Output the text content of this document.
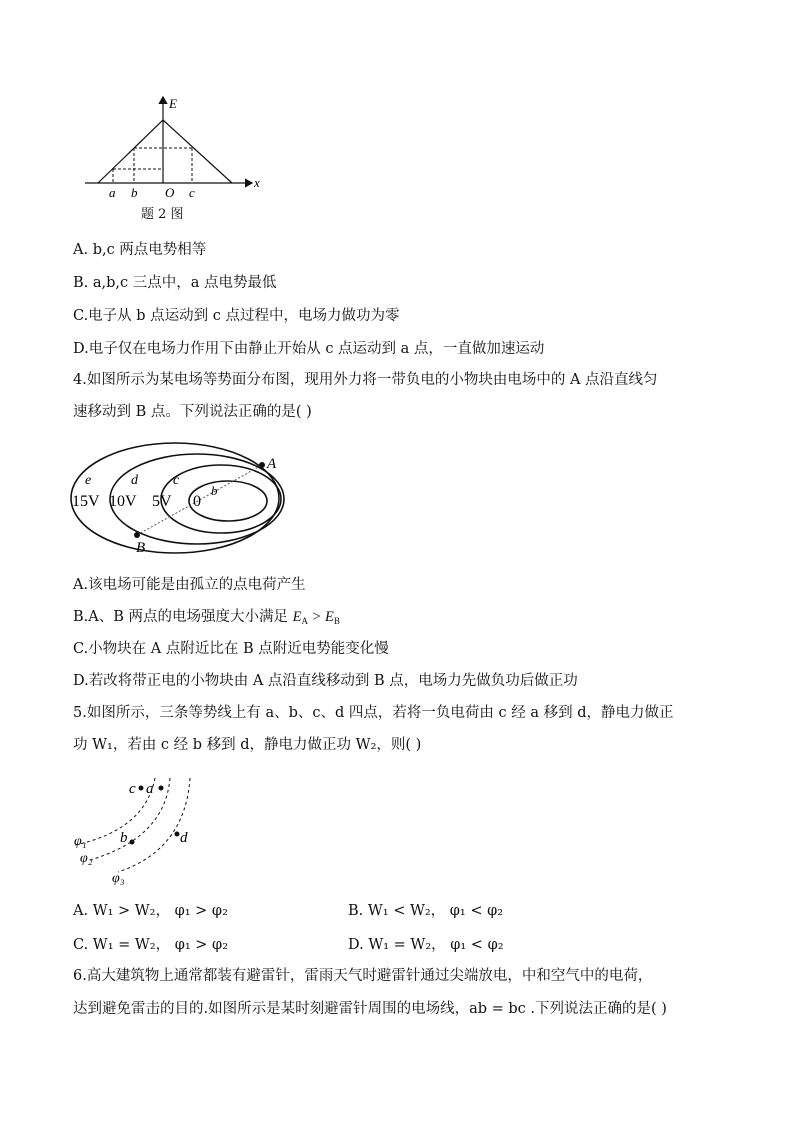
E
x
a b O c
题 2 图
A. b,c 两点电势相等
B. a,b,c 三点中，a 点电势最低
C.电子从 b 点运动到 c 点过程中，电场力做功为零
D.电子仅在电场力作用下由静止开始从 c 点运动到 a 点，一直做加速运动
4.如图所示为某电场等势面分布图，现用外力将一带负电的小物块由电场中的 A 点沿直线匀
速移动到 B 点。下列说法正确的是( )
A
B
e	d	c
b
15V 10V 5V 0
A.该电场可能是由孤立的点电荷产生
B.A、B 两点的电场强度大小满足 $E_A > E_B$
C.小物块在 A 点附近比在 B 点附近电势能变化慢
D.若改将带正电的小物块由 A 点沿直线移动到 B 点，电场力先做负功后做正功
5.如图所示，三条等势线上有 a、b、c、d 四点，若将一负电荷由 c 经 a 移到 d，静电力做正
功 W₁，若由 c 经 b 移到 d，静电力做正功 W₂，则( )
c a
b	d
φ₁
φ₂
φ₃
A. W₁ > W₂， φ₁ > φ₂	B. W₁ < W₂， φ₁ < φ₂
C. W₁ = W₂， φ₁ > φ₂	D. W₁ = W₂， φ₁ < φ₂
6.高大建筑物上通常都装有避雷针，雷雨天气时避雷针通过尖端放电，中和空气中的电荷，
达到避免雷击的目的.如图所示是某时刻避雷针周围的电场线，ab = bc .下列说法正确的是( )
